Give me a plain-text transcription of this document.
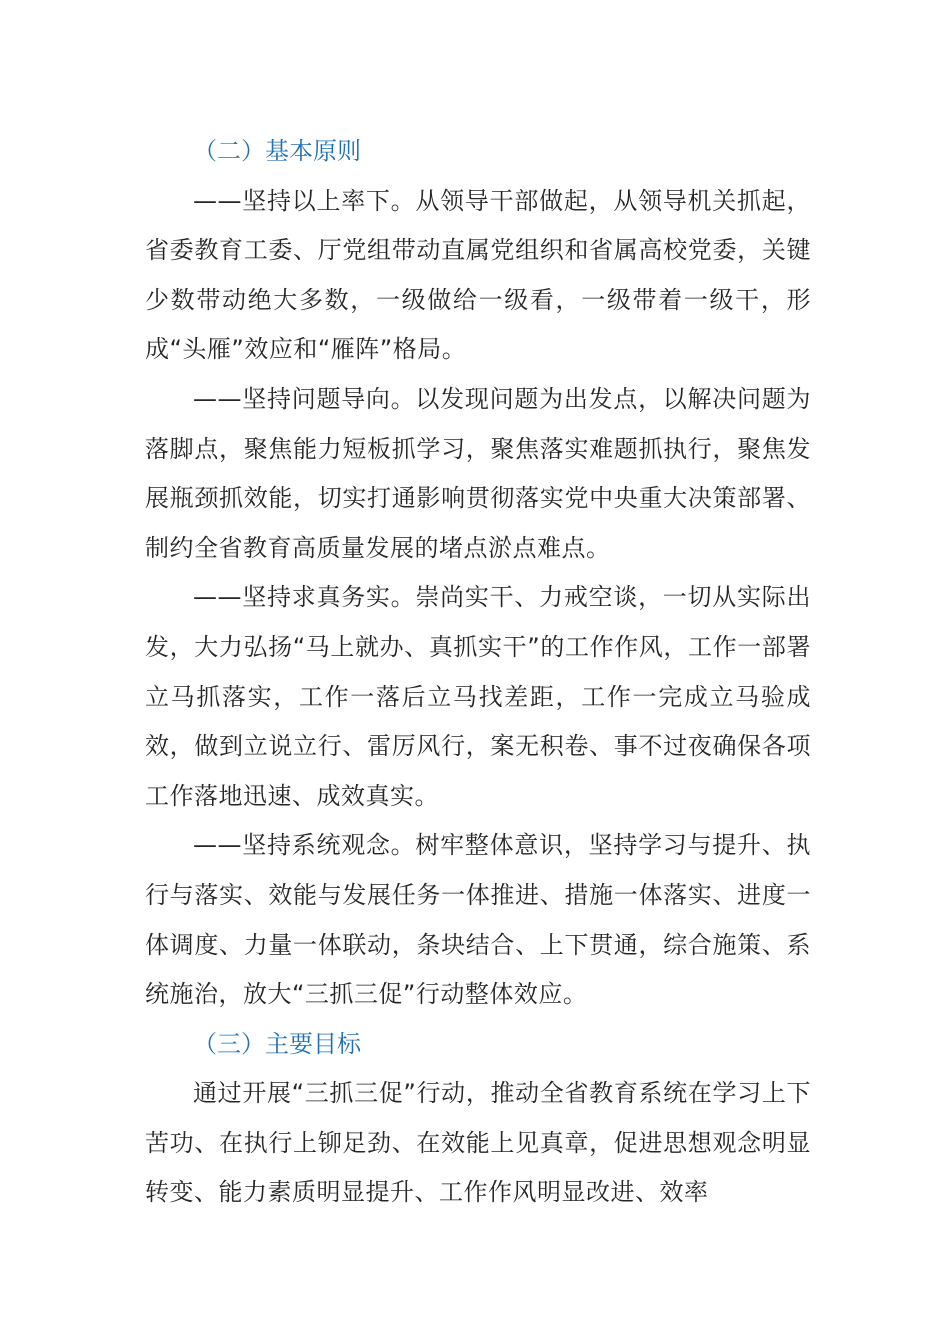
（二）基本原则

——坚持以上率下。从领导干部做起，从领导机关抓起，省委教育工委、厅党组带动直属党组织和省属高校党委，关键少数带动绝大多数，一级做给一级看，一级带着一级干，形成“头雁”效应和“雁阵”格局。

——坚持问题导向。以发现问题为出发点，以解决问题为落脚点，聚焦能力短板抓学习，聚焦落实难题抓执行，聚焦发展瓶颈抓效能，切实打通影响贯彻落实党中央重大决策部署、制约全省教育高质量发展的堵点淤点难点。

——坚持求真务实。崇尚实干、力戒空谈，一切从实际出发，大力弘扬“马上就办、真抓实干”的工作作风，工作一部署立马抓落实，工作一落后立马找差距，工作一完成立马验成效，做到立说立行、雷厉风行，案无积卷、事不过夜确保各项工作落地迅速、成效真实。

——坚持系统观念。树牢整体意识，坚持学习与提升、执行与落实、效能与发展任务一体推进、措施一体落实、进度一体调度、力量一体联动，条块结合、上下贯通，综合施策、系统施治，放大“三抓三促”行动整体效应。

（三）主要目标

通过开展“三抓三促”行动，推动全省教育系统在学习上下苦功、在执行上铆足劲、在效能上见真章，促进思想观念明显转变、能力素质明显提升、工作作风明显改进、效率
